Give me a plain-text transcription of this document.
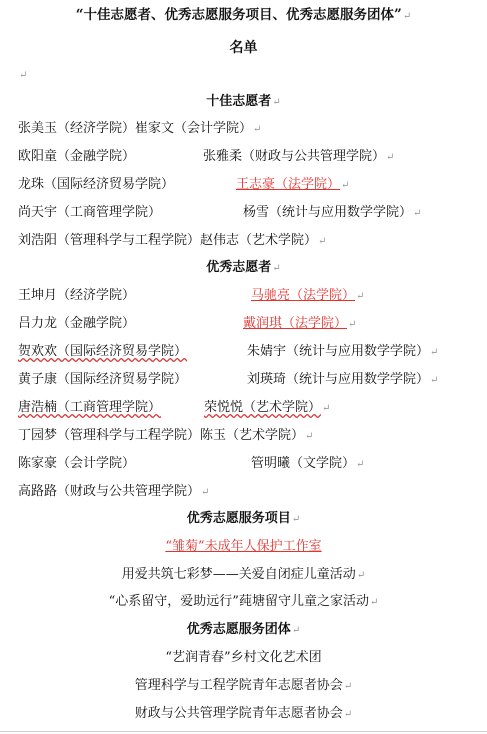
“十佳志愿者、优秀志愿服务项目、优秀志愿服务团体”↵
名单
↵
十佳志愿者↵
张美玉（经济学院）崔家文（会计学院）↵
欧阳童（金融学院）	张雅柔（财政与公共管理学院）↵
龙珠（国际经济贸易学院）	王志豪（法学院）↵
尚天宇（工商管理学院）	杨雪（统计与应用数学学院）↵
刘浩阳（管理科学与工程学院）赵伟志（艺术学院）↵
优秀志愿者↵
王坤月（经济学院）	马驰亮（法学院）↵
吕力龙（金融学院）	戴润琪（法学院）↵
贺欢欢（国际经济贸易学院）	朱婧宇（统计与应用数学学院）↵
黄子康（国际经济贸易学院）	刘瑛琦（统计与应用数学学院）↵
唐浩楠（工商管理学院）	荣悦悦（艺术学院）↵
丁园梦（管理科学与工程学院）陈玉（艺术学院）↵
陈家豪（会计学院）	管明曦（文学院）↵
高路路（财政与公共管理学院）↵
优秀志愿服务项目↵
“雏菊”未成年人保护工作室
用爱共筑七彩梦——关爱自闭症儿童活动↵
“心系留守，爱助远行”莼塘留守儿童之家活动↵
优秀志愿服务团体↵
“艺润青春”乡村文化艺术团
管理科学与工程学院青年志愿者协会↵
财政与公共管理学院青年志愿者协会↵
